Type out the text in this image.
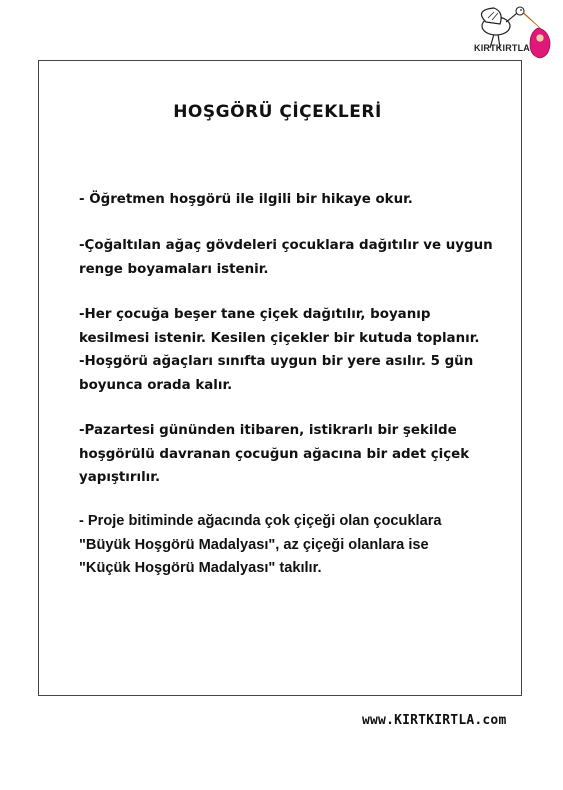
KIRTKIRTLA
HOŞGÖRÜ ÇİÇEKLERİ

- Öğretmen hoşgörü ile ilgili bir hikaye okur.

-Çoğaltılan ağaç gövdeleri çocuklara dağıtılır ve uygun
renge boyamaları istenir.

-Her çocuğa beşer tane çiçek dağıtılır, boyanıp
kesilmesi istenir. Kesilen çiçekler bir kutuda toplanır.
-Hoşgörü ağaçları sınıfta uygun bir yere asılır. 5 gün
boyunca orada kalır.

-Pazartesi gününden itibaren, istikrarlı bir şekilde
hoşgörülü davranan çocuğun ağacına bir adet çiçek
yapıştırılır.

- Proje bitiminde ağacında çok çiçeği olan çocuklara
"Büyük Hoşgörü Madalyası", az çiçeği olanlara ise
"Küçük Hoşgörü Madalyası" takılır.

www.KIRTKIRTLA.com
